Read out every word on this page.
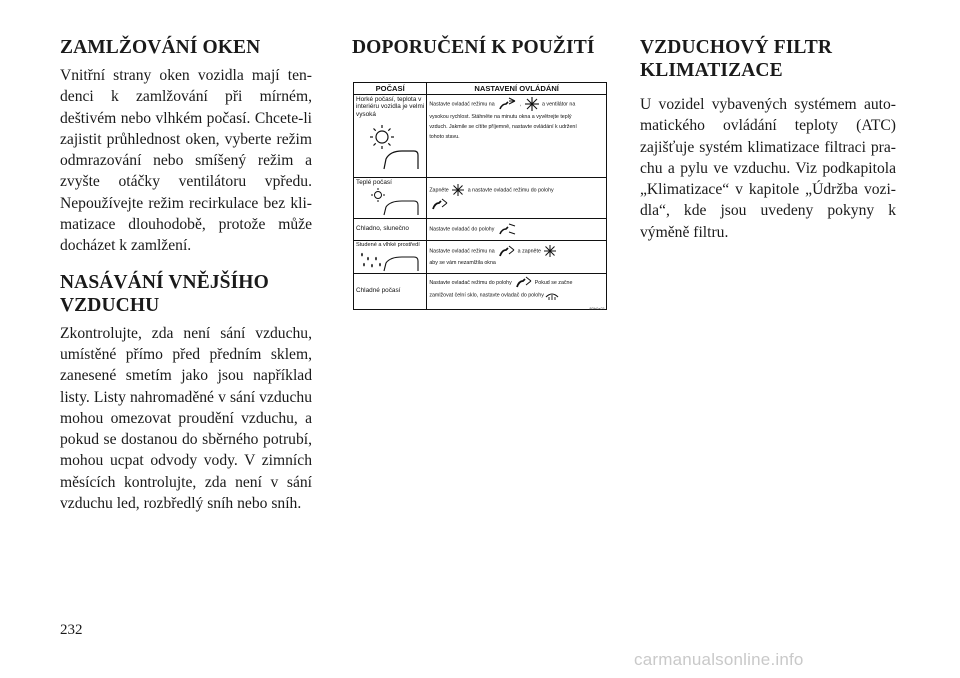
ZAMLŽOVÁNÍ OKEN

Vnitřní strany oken vozidla mají ten- denci k zamlžování při mírném, deštivém nebo vlhkém počasí. Chcete-li zajistit průhlednost oken, vyberte režim odmrazování nebo smíšený režim a zvyšte otáčky ventilátoru vpředu. Nepoužívejte režim recirkulace bez kli- matizace dlouhodobě, protože může docházet k zamlžení.

NASÁVÁNÍ VNĚJŠÍHO
VZDUCHU

Zkontrolujte, zda není sání vzduchu, umístěné přímo před předním sklem, zanesené smetím jako jsou například listy. Listy nahromaděné v sání vzduchu mohou omezovat proudění vzduchu, a pokud se dostanou do sběrného potrubí, mohou ucpat odvody vody. V zimních měsících kontrolujte, zda není v sání vzduchu led, rozbředlý sníh nebo sníh.

DOPORUČENÍ K POUŽITÍ
POČASÍ	NASTAVENÍ OVLÁDÁNÍ

Horké počasí, teplota v interiéru vozidla je velmi vysoká	Nastavte ovladač režimu na , a ventilátor na
vysokou rychlost. Stáhněte na minutu okna a vyvětrejte teplý
vzduch. Jakmile se cítíte příjemně, nastavte ovládání k udržení
tohoto stavu.

Teplé počasí	Zapněte a nastavte ovladač režimu do polohy

Chladno, slunečno	Nastavte ovladač do polohy

Studené a vlhké prostředí	Nastavte ovladač režimu na a zapněte
aby se vám nezamlžila okna

Chladné počasí	Nastavte ovladač režimu do polohy Pokud se začne
zamlžovat čelní sklo, nastavte ovladač do polohy
80b0a21
VZDUCHOVÝ FILTR
KLIMATIZACE

U vozidel vybavených systémem auto- matického ovládání teploty (ATC) zajišťuje systém klimatizace filtraci pra- chu a pylu ve vzduchu. Viz podkapitola „Klimatizace“ v kapitole „Údržba vozi- dla“, kde jsou uvedeny pokyny k výměně filtru.

232
carmanualsonline.info
